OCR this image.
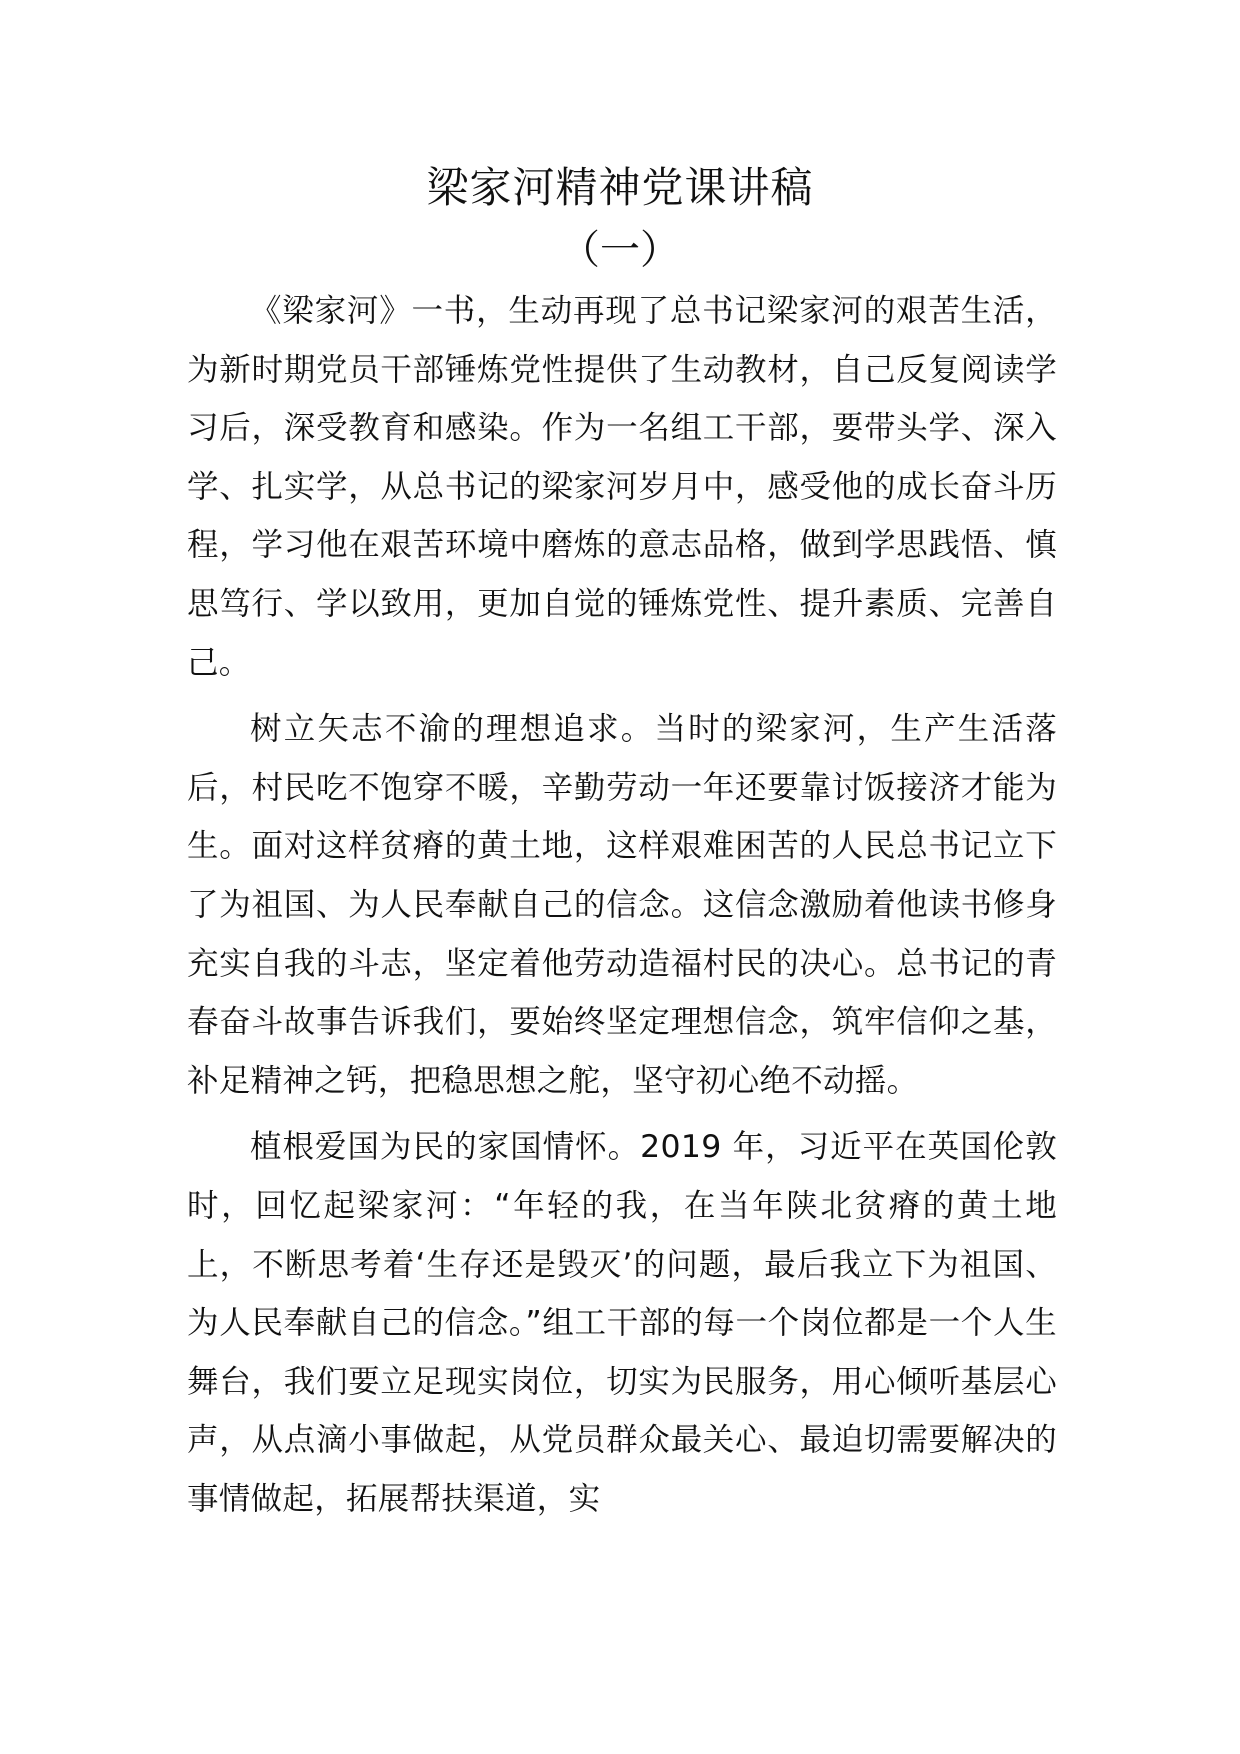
梁家河精神党课讲稿
（一）

《梁家河》一书，生动再现了总书记梁家河的艰苦生活，为新时期党员干部锤炼党性提供了生动教材，自己反复阅读学习后，深受教育和感染。作为一名组工干部，要带头学、深入学、扎实学，从总书记的梁家河岁月中，感受他的成长奋斗历程，学习他在艰苦环境中磨炼的意志品格，做到学思践悟、慎思笃行、学以致用，更加自觉的锤炼党性、提升素质、完善自己。

树立矢志不渝的理想追求。当时的梁家河，生产生活落后，村民吃不饱穿不暖，辛勤劳动一年还要靠讨饭接济才能为生。面对这样贫瘠的黄土地，这样艰难困苦的人民总书记立下了为祖国、为人民奉献自己的信念。这信念激励着他读书修身充实自我的斗志，坚定着他劳动造福村民的决心。总书记的青春奋斗故事告诉我们，要始终坚定理想信念，筑牢信仰之基，补足精神之钙，把稳思想之舵，坚守初心绝不动摇。

植根爱国为民的家国情怀。2019 年，习近平在英国伦敦时，回忆起梁家河：“年轻的我，在当年陕北贫瘠的黄土地上，不断思考着‘生存还是毁灭’的问题，最后我立下为祖国、为人民奉献自己的信念。”组工干部的每一个岗位都是一个人生舞台，我们要立足现实岗位，切实为民服务，用心倾听基层心声，从点滴小事做起，从党员群众最关心、最迫切需要解决的事情做起，拓展帮扶渠道，实
